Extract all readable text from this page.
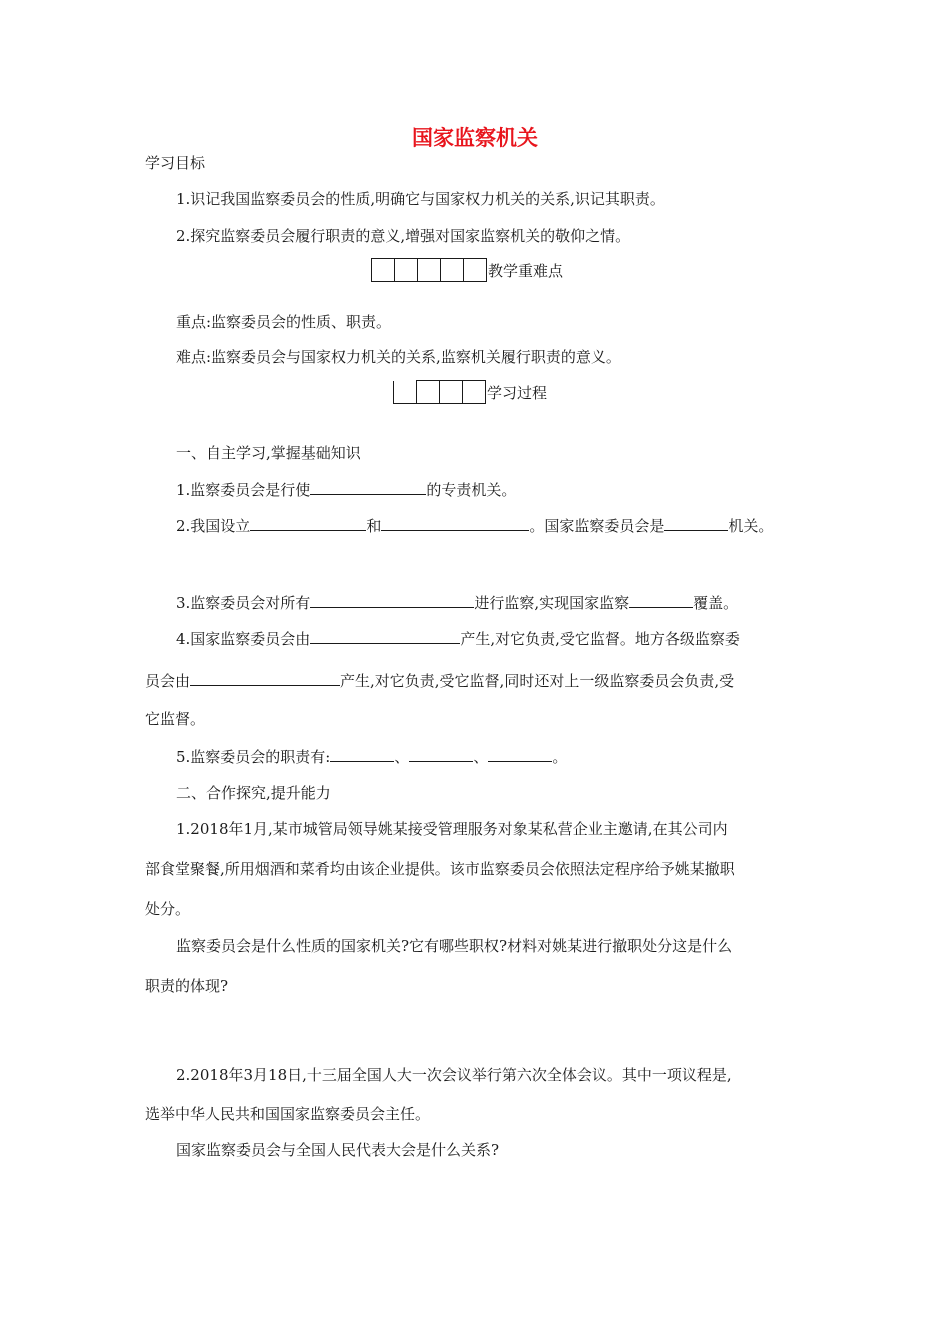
国家监察机关
学习目标
1.识记我国监察委员会的性质,明确它与国家权力机关的关系,识记其职责。
2.探究监察委员会履行职责的意义,增强对国家监察机关的敬仰之情。
教学重难点
重点:监察委员会的性质、职责。
难点:监察委员会与国家权力机关的关系,监察机关履行职责的意义。
学习过程
一、自主学习,掌握基础知识
1.监察委员会是行使	的专责机关。
2.我国设立	和	。国家监察委员会是	机关。
3.监察委员会对所有	进行监察,实现国家监察	覆盖。
4.国家监察委员会由	产生,对它负责,受它监督。地方各级监察委
员会由	产生,对它负责,受它监督,同时还对上一级监察委员会负责,受
它监督。
5.监察委员会的职责有:	、	、	。
二、合作探究,提升能力
1.2018年1月,某市城管局领导姚某接受管理服务对象某私营企业主邀请,在其公司内
部食堂聚餐,所用烟酒和菜肴均由该企业提供。该市监察委员会依照法定程序给予姚某撤职
处分。
监察委员会是什么性质的国家机关?它有哪些职权?材料对姚某进行撤职处分这是什么
职责的体现?
2.2018年3月18日,十三届全国人大一次会议举行第六次全体会议。其中一项议程是,
选举中华人民共和国国家监察委员会主任。
国家监察委员会与全国人民代表大会是什么关系?
